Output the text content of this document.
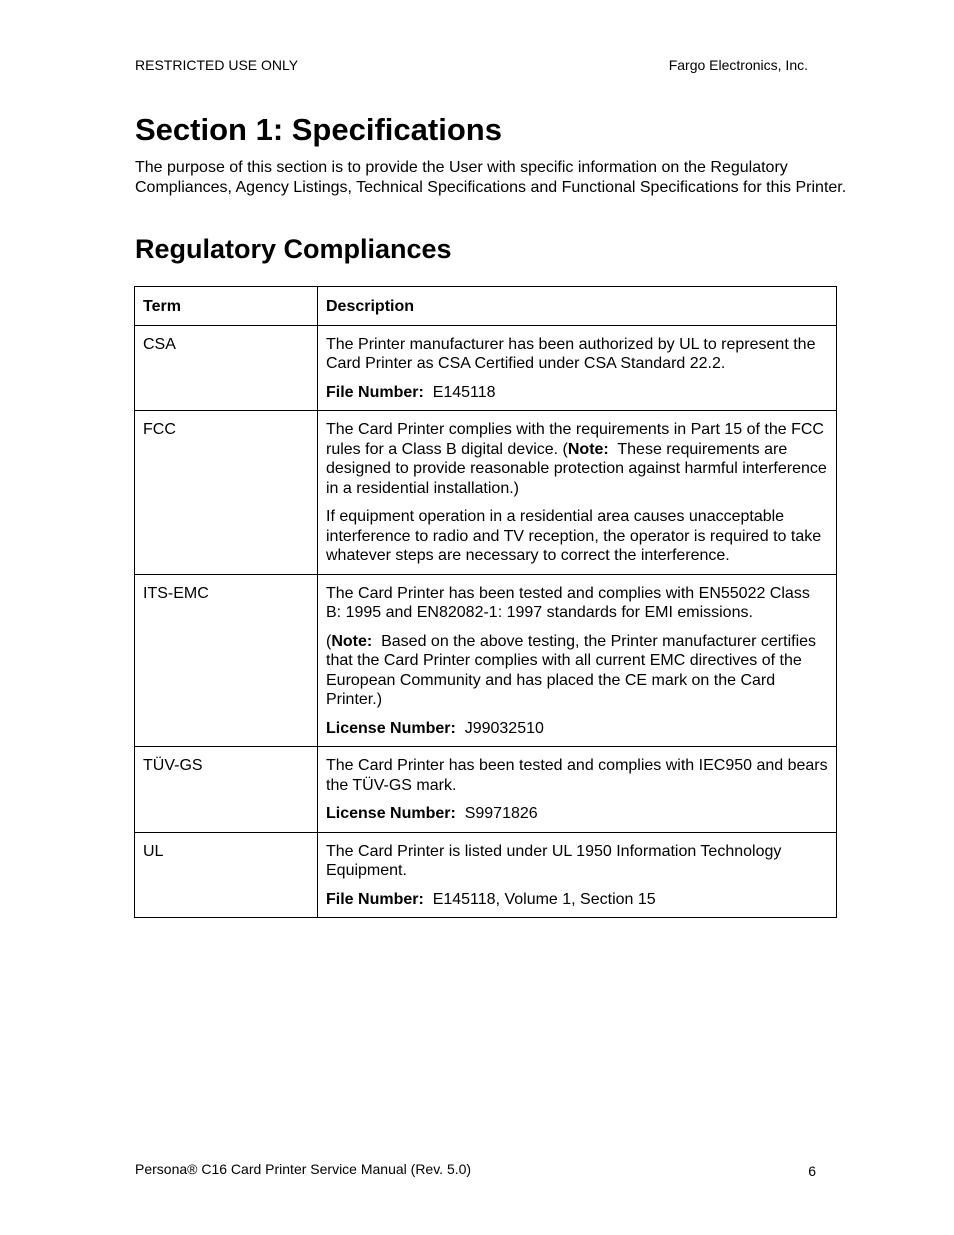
RESTRICTED USE ONLY	Fargo Electronics, Inc.
Section 1: Specifications

The purpose of this section is to provide the User with specific information on the Regulatory Compliances, Agency Listings, Technical Specifications and Functional Specifications for this Printer.

Regulatory Compliances
Term	Description
CSA	The Printer manufacturer has been authorized by UL to represent the Card Printer as CSA Certified under CSA Standard 22.2.

File Number: E145118

FCC	The Card Printer complies with the requirements in Part 15 of the FCC rules for a Class B digital device. (Note:  These requirements are designed to provide reasonable protection against harmful interference in a residential installation.)

If equipment operation in a residential area causes unacceptable interference to radio and TV reception, the operator is required to take whatever steps are necessary to correct the interference.

ITS-EMC	The Card Printer has been tested and complies with EN55022 Class B: 1995 and EN82082-1: 1997 standards for EMI emissions.

(Note:  Based on the above testing, the Printer manufacturer certifies that the Card Printer complies with all current EMC directives of the European Community and has placed the CE mark on the Card Printer.)

License Number: J99032510

TÜV-GS	The Card Printer has been tested and complies with IEC950 and bears the TÜV-GS mark.

License Number: S9971826

UL	The Card Printer is listed under UL 1950 Information Technology Equipment.

File Number: E145118, Volume 1, Section 15

Persona® C16 Card Printer Service Manual (Rev. 5.0)	6
